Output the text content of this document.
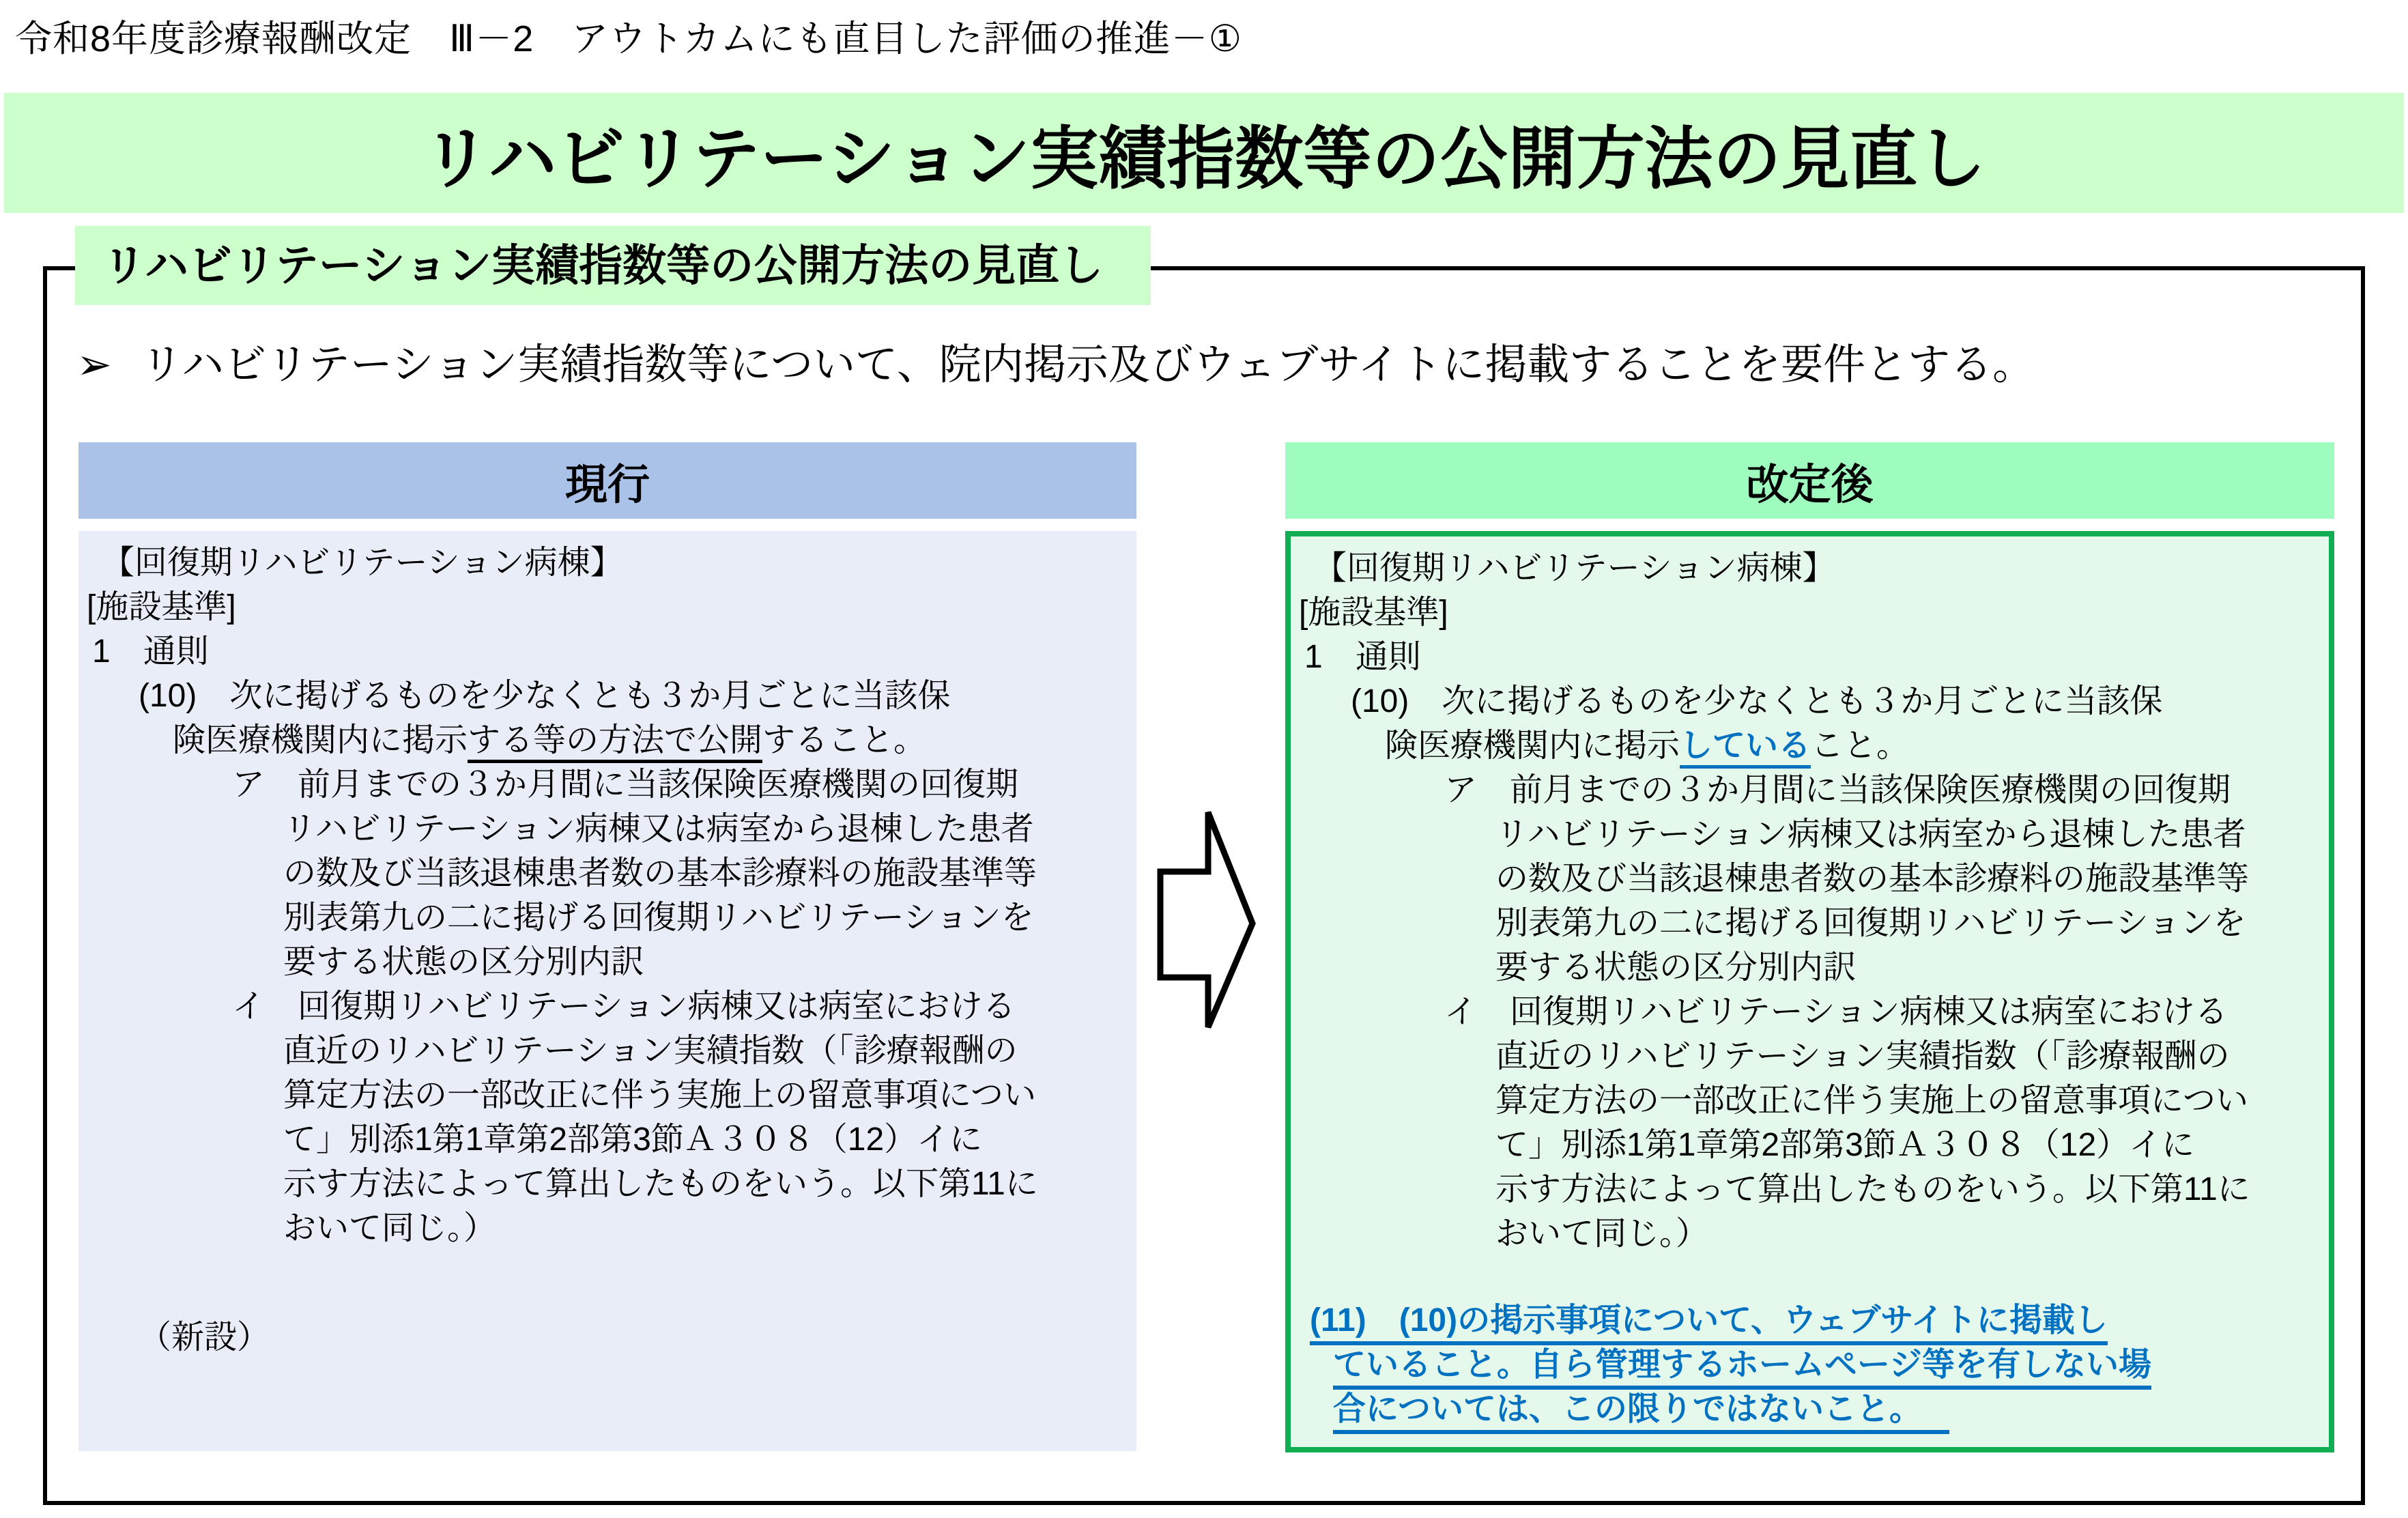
令和8年度診療報酬改定　Ⅲ－2　アウトカムにも直目した評価の推進－①
リハビリテーション実績指数等の公開方法の見直し
リハビリテーション実績指数等の公開方法の見直し
➢ リハビリテーション実績指数等について、院内掲示及びウェブサイトに掲載することを要件とする。
現行	改定後
【回復期リハビリテーション病棟】
[施設基準]
1　通則
(10)　次に掲げるものを少なくとも３か月ごとに当該保
険医療機関内に掲示する等の方法で公開すること。
ア　前月までの３か月間に当該保険医療機関の回復期
リハビリテーション病棟又は病室から退棟した患者
の数及び当該退棟患者数の基本診療料の施設基準等
別表第九の二に掲げる回復期リハビリテーションを
要する状態の区分別内訳
イ　回復期リハビリテーション病棟又は病室における
直近のリハビリテーション実績指数（「診療報酬の
算定方法の一部改正に伴う実施上の留意事項につい
て」別添1第1章第2部第3節Ａ３０８（12）イに
示す方法によって算出したものをいう。以下第11に
おいて同じ。）
（新設）
【回復期リハビリテーション病棟】
[施設基準]
1　通則
(10)　次に掲げるものを少なくとも３か月ごとに当該保
険医療機関内に掲示していること。
ア　前月までの３か月間に当該保険医療機関の回復期
リハビリテーション病棟又は病室から退棟した患者
の数及び当該退棟患者数の基本診療料の施設基準等
別表第九の二に掲げる回復期リハビリテーションを
要する状態の区分別内訳
イ　回復期リハビリテーション病棟又は病室における
直近のリハビリテーション実績指数（「診療報酬の
算定方法の一部改正に伴う実施上の留意事項につい
て」別添1第1章第2部第3節Ａ３０８（12）イに
示す方法によって算出したものをいう。以下第11に
おいて同じ。）
(11)　(10)の掲示事項について、ウェブサイトに掲載し
ていること。自ら管理するホームページ等を有しない場
合については、この限りではないこと。
